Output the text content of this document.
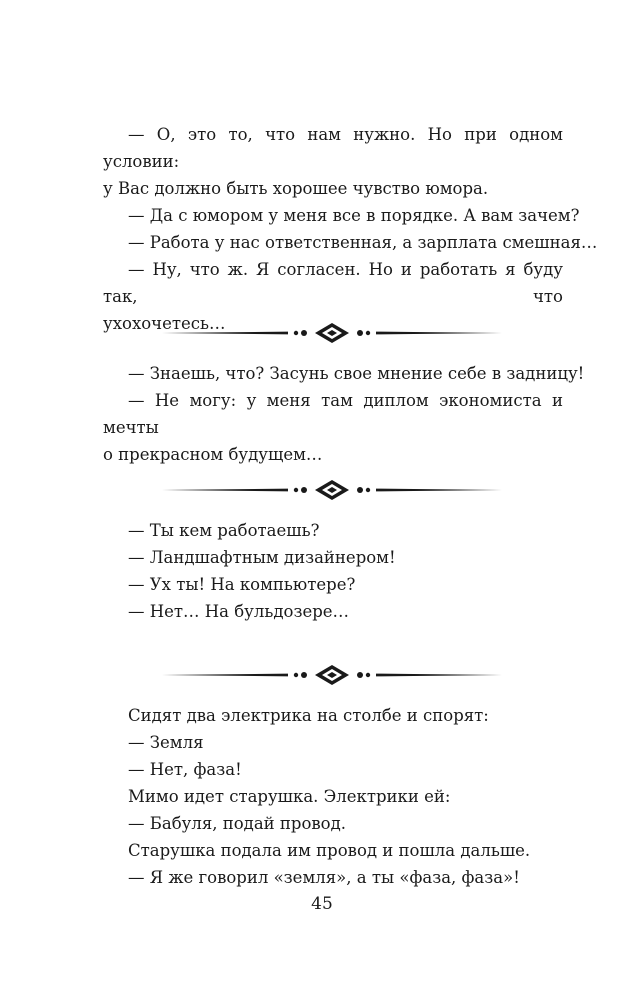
— О, это то, что нам нужно. Но при одном условии:
у Вас должно быть хорошее чувство юмора.
— Да с юмором у меня все в порядке. А вам зачем?
— Работа у нас ответственная, а зарплата смешная…
— Ну, что ж. Я согласен. Но и работать я буду так, что
ухохочетесь…
— Знаешь, что? Засунь свое мнение себе в задницу!
— Не могу: у меня там диплом экономиста и мечты
о прекрасном будущем…
— Ты кем работаешь?
— Ландшафтным дизайнером!
— Ух ты! На компьютере?
— Нет… На бульдозере…
Сидят два электрика на столбе и спорят:
— Земля
— Нет, фаза!
Мимо идет старушка. Электрики ей:
— Бабуля, подай провод.
Старушка подала им провод и пошла дальше.
— Я же говорил «земля», а ты «фаза, фаза»!
45
